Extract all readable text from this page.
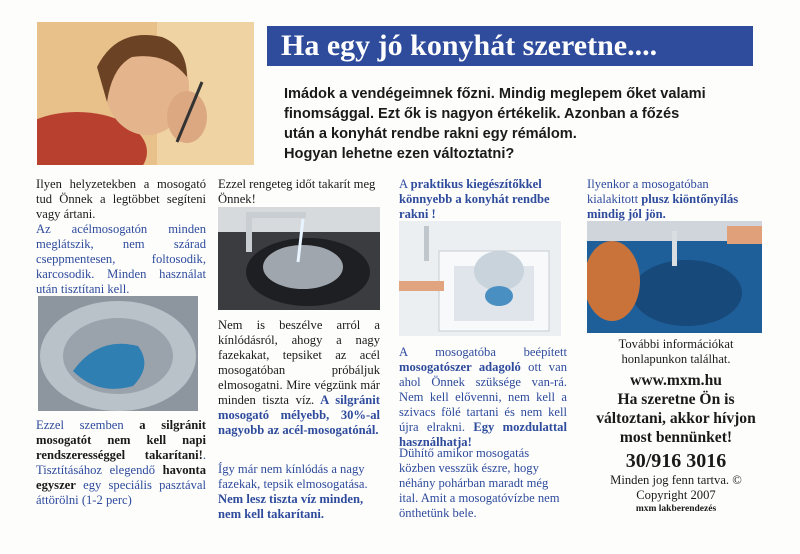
Ha egy jó konyhát szeretne....
Imádok a vendégeimnek főzni. Mindig meglepem őket valami
finomsággal. Ezt ők is nagyon értékelik. Azonban a főzés
után a konyhát rendbe rakni egy rémálom.
Hogyan lehetne ezen változtatni?

Ilyen helyzetekben a mosogató tud Önnek a legtöbbet segíteni vagy ártani.

Az acélmosogatón minden meglátszik, nem szárad cseppmentesen, foltosodik, karcosodik. Minden használat után tisztítani kell.

Ezzel szemben a silgránit mosogatót nem kell napi rendszerességgel takarítani!. Tisztításához elegendő havonta egyszer egy speciális pasztával áttörölni (1-2 perc)

Ezzel rengeteg időt takarít meg Önnek!

Nem is beszélve arról a kínlódásról, ahogy a nagy fazekakat, tepsiket az acél mosogatóban próbáljuk elmosogatni. Mire végzünk már minden tiszta víz. A silgránit mosogató mélyebb, 30%-al nagyobb az acél-mosogatónál.

Így már nem kínlódás a nagy fazekak, tepsik elmosogatása. Nem lesz tiszta víz minden, nem kell takarítani.

A praktikus kiegészítőkkel könnyebb a konyhát rendbe rakni !

A mosogatóba beépített mosogatószer adagoló ott van ahol Önnek szüksége van-rá. Nem kell elővenni, nem kell a szivacs fölé tartani és nem kell újra elrakni. Egy mozdulattal használhatja!

Dühítő amikor mosogatás közben vesszük észre, hogy néhány pohárban maradt még ital. Amit a mosogatóvízbe nem önthetünk bele.

Ilyenkor a mosogatóban kialakitott plusz kiöntőnyílás mindig jól jön.

További információkat honlapunkon találhat.

www.mxm.hu

Ha szeretne Ön is változtani, akkor hívjon most bennünket!

30/916 3016

Minden jog fenn tartva. ©

Copyright 2007

mxm lakberendezés
